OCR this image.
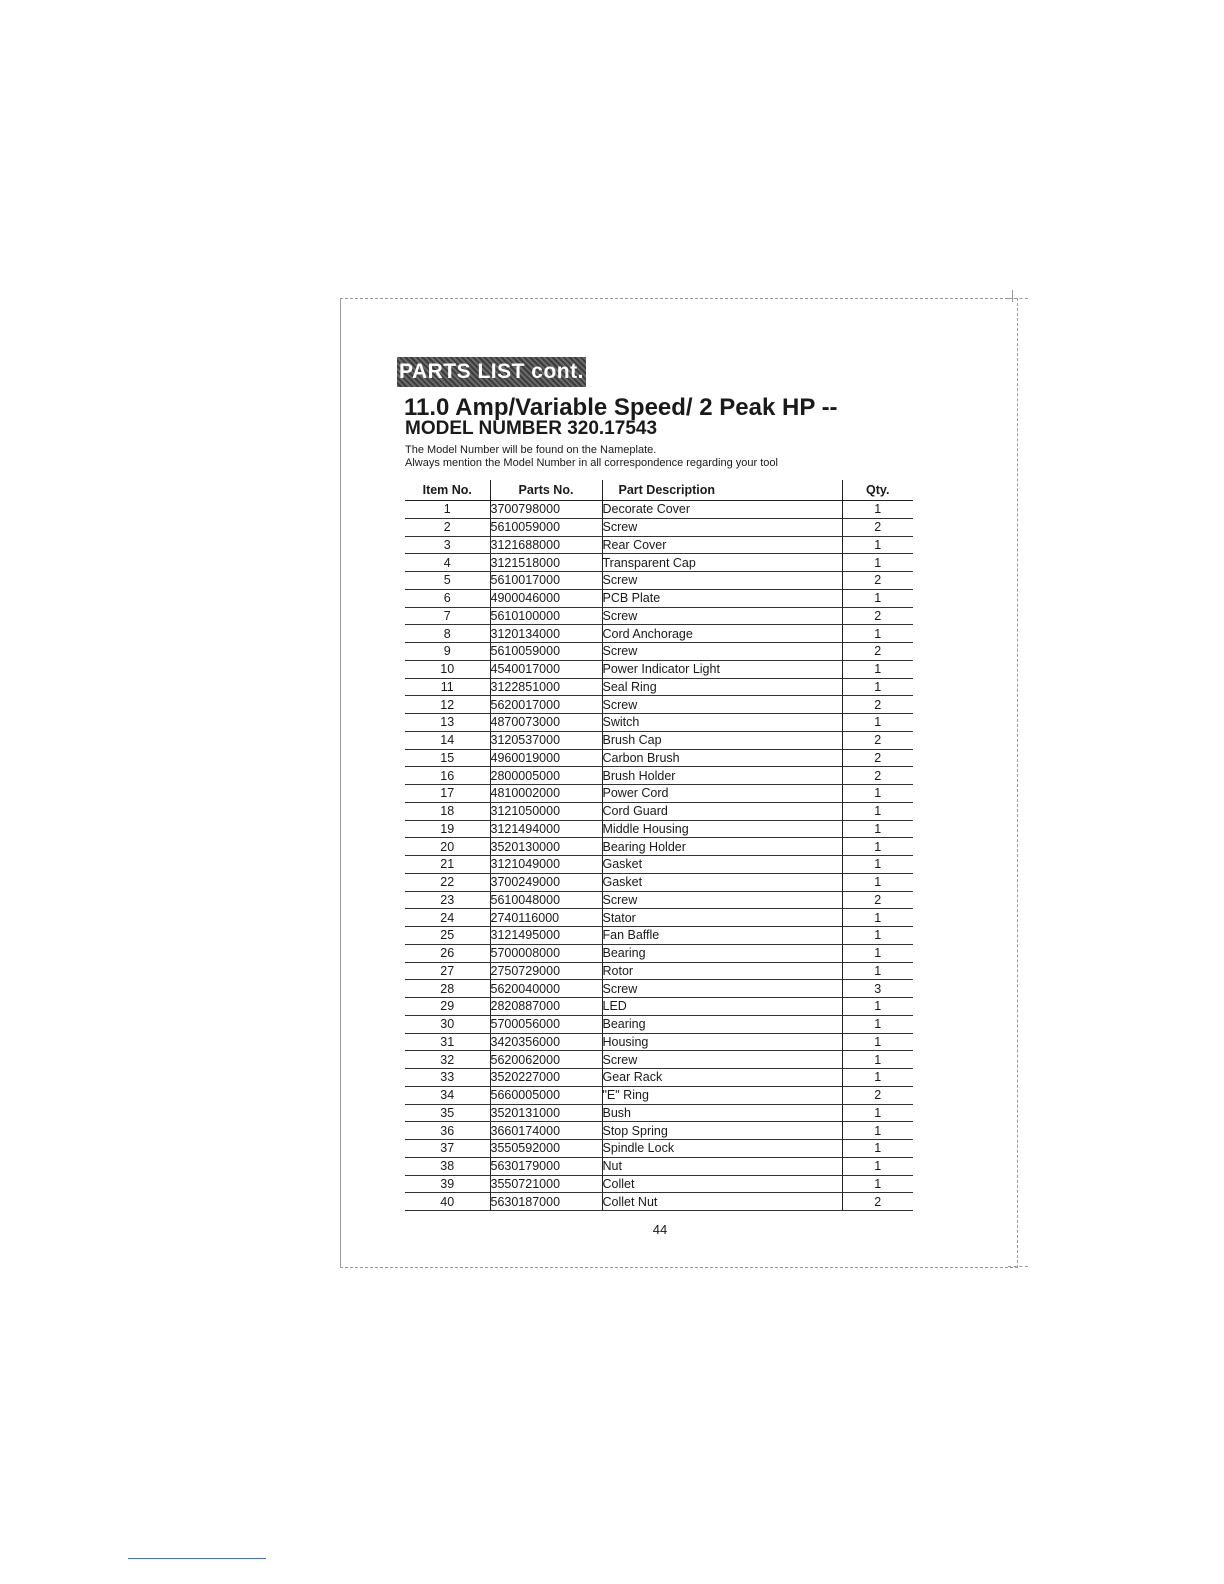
PARTS LIST cont.
11.0 Amp/Variable Speed/ 2 Peak HP --
MODEL NUMBER 320.17543
The Model Number will be found on the Nameplate.
Always mention the Model Number in all correspondence regarding your tool
Item No.	Parts No.	Part Description	Qty.
1	3700798000	Decorate Cover	1
2	5610059000	Screw	2
3	3121688000	Rear Cover	1
4	3121518000	Transparent Cap	1
5	5610017000	Screw	2
6	4900046000	PCB Plate	1
7	5610100000	Screw	2
8	3120134000	Cord Anchorage	1
9	5610059000	Screw	2
10	4540017000	Power Indicator Light	1
11	3122851000	Seal Ring	1
12	5620017000	Screw	2
13	4870073000	Switch	1
14	3120537000	Brush Cap	2
15	4960019000	Carbon Brush	2
16	2800005000	Brush Holder	2
17	4810002000	Power Cord	1
18	3121050000	Cord Guard	1
19	3121494000	Middle Housing	1
20	3520130000	Bearing Holder	1
21	3121049000	Gasket	1
22	3700249000	Gasket	1
23	5610048000	Screw	2
24	2740116000	Stator	1
25	3121495000	Fan Baffle	1
26	5700008000	Bearing	1
27	2750729000	Rotor	1
28	5620040000	Screw	3
29	2820887000	LED	1
30	5700056000	Bearing	1
31	3420356000	Housing	1
32	5620062000	Screw	1
33	3520227000	Gear Rack	1
34	5660005000	"E" Ring	2
35	3520131000	Bush	1
36	3660174000	Stop Spring	1
37	3550592000	Spindle Lock	1
38	5630179000	Nut	1
39	3550721000	Collet	1
40	5630187000	Collet Nut	2
44
